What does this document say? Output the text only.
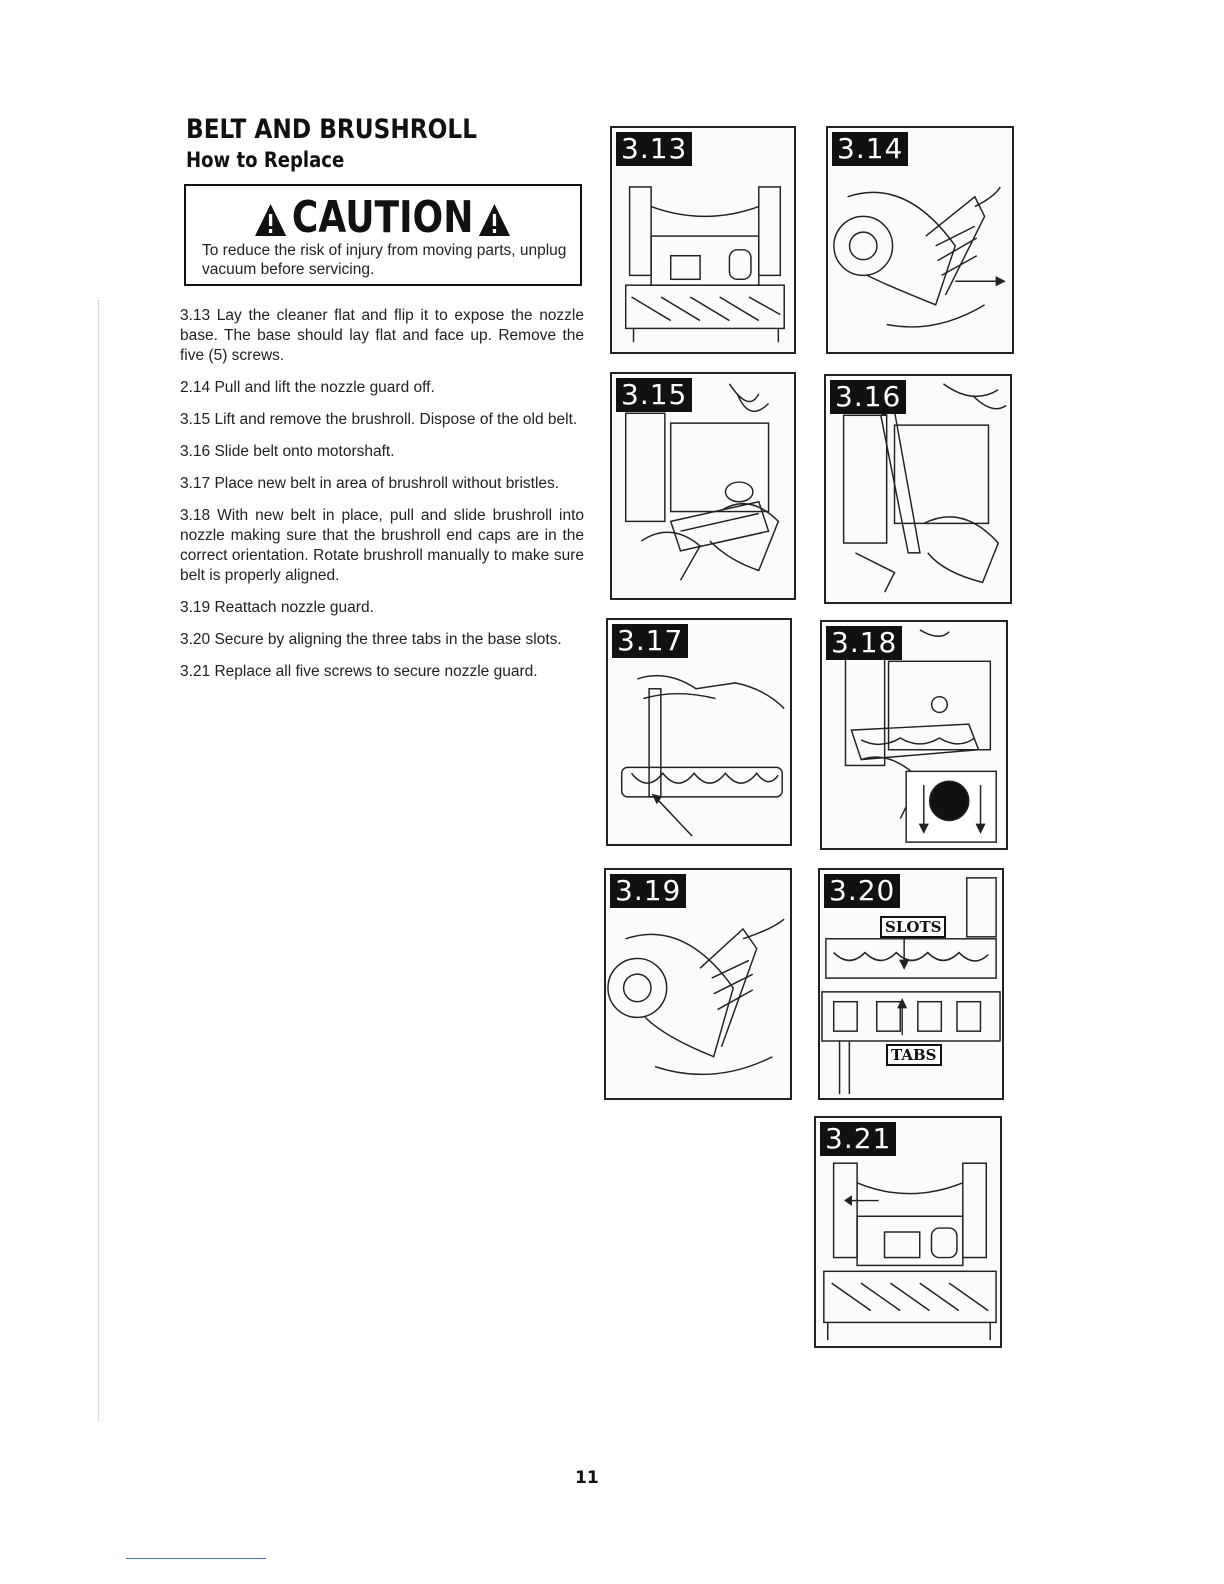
BELT AND BRUSHROLL
How to Replace
CAUTION
To reduce the risk of injury from moving parts, unplug vacuum before servicing.

3.13 Lay the cleaner flat and flip it to expose the nozzle base. The base should lay flat and face up. Remove the five (5) screws.

2.14 Pull and lift the nozzle guard off.

3.15 Lift and remove the brushroll. Dispose of the old belt.

3.16 Slide belt onto motorshaft.

3.17 Place new belt in area of brushroll without bristles.

3.18 With new belt in place, pull and slide brushroll into nozzle making sure that the brushroll end caps are in the correct orientation. Rotate brushroll manually to make sure belt is properly aligned.

3.19 Reattach nozzle guard.

3.20 Secure by aligning the three tabs in the base slots.

3.21 Replace all five screws to secure nozzle guard.

3.13	3.14
3.15	3.16
3.17	3.18
3.19	3.20
SLOTS
TABS
3.21
11
